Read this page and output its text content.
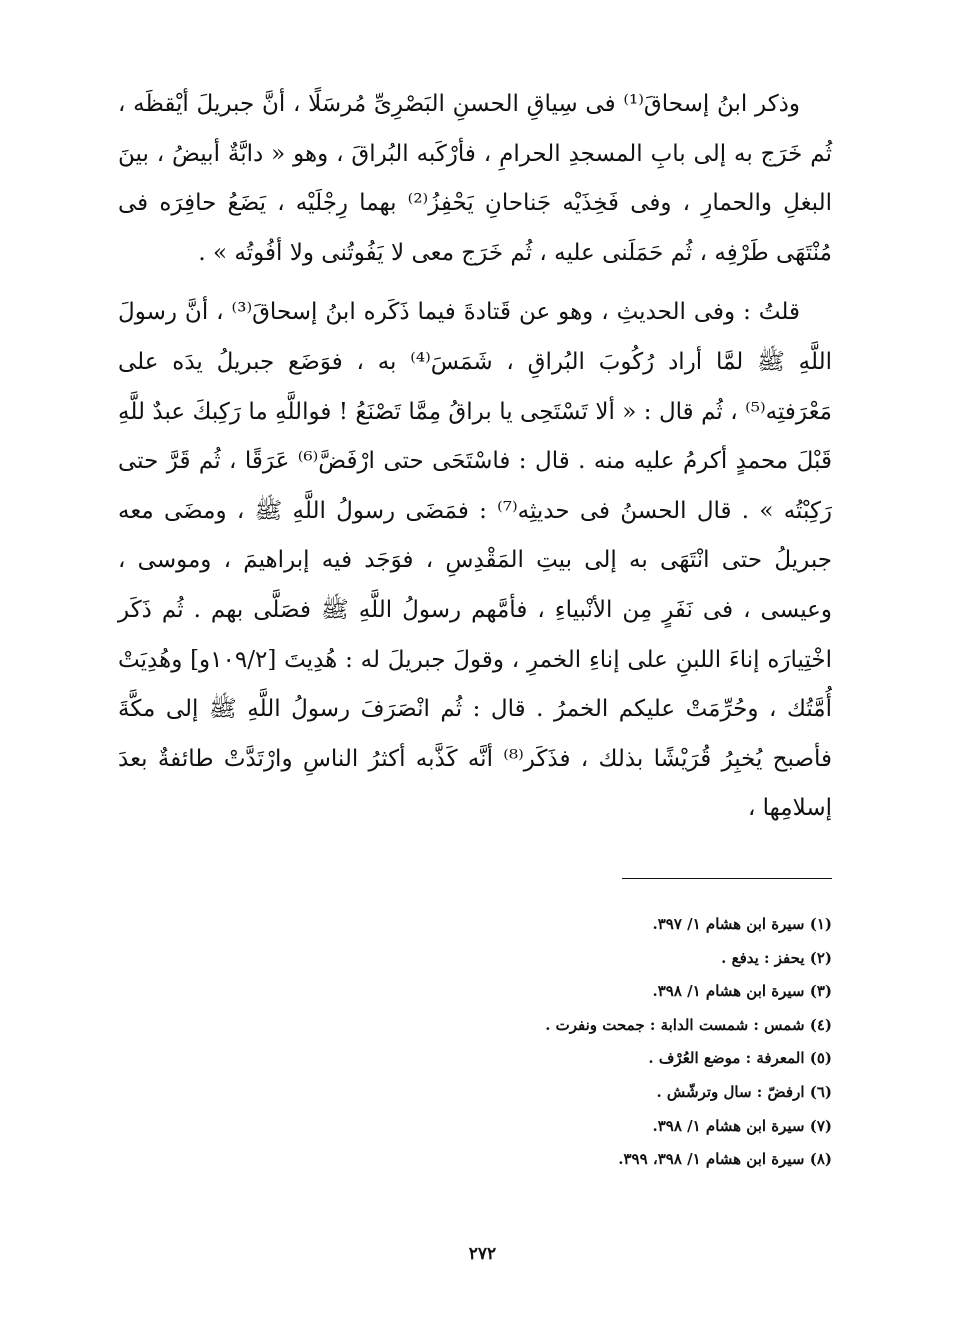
وذكر ابنُ إسحاقَ⁽¹⁾ فى سِياقِ الحسنِ البَصْرِىِّ مُرسَلًا ، أنَّ جبريلَ أيْقظَه ، ثُم خَرَج به إلى بابِ المسجدِ الحرامِ ، فأرْكَبه البُراقَ ، وهو « دابَّةٌ أبيضُ ، بينَ البغلِ والحمارِ ، وفى فَخِذَيْه جَناحانِ يَحْفِزُ⁽²⁾ بهما رِجْلَيْه ، يَضَعُ حافِرَه فى مُنْتَهَى طَرْفِه ، ثُم حَمَلَنى عليه ، ثُم خَرَج معى لا يَفُوتُنى ولا أفُوتُه » .

قلتُ : وفى الحديثِ ، وهو عن قَتادةَ فيما ذَكَره ابنُ إسحاقَ⁽³⁾ ، أنَّ رسولَ اللَّهِ ﷺ لمَّا أراد رُكُوبَ البُراقِ ، شَمَسَ⁽⁴⁾ به ، فوَضَع جبريلُ يدَه على مَعْرَفتِه⁽⁵⁾ ، ثُم قال : « ألا تَسْتَحِى يا براقُ مِمَّا تَصْنَعُ ! فواللَّهِ ما رَكِبكَ عبدٌ للَّهِ قَبْلَ محمدٍ أكرمُ عليه منه . قال : فاسْتَحَى حتى ارْفَضَّ⁽⁶⁾ عَرَقًا ، ثُم قَرَّ حتى رَكِبْتُه » . قال الحسنُ فى حديثِه⁽⁷⁾ : فمَضَى رسولُ اللَّهِ ﷺ ، ومضَى معه جبريلُ حتى انْتَهَى به إلى بيتِ المَقْدِسِ ، فوَجَد فيه إبراهيمَ ، وموسى ، وعيسى ، فى نَفَرٍ مِن الأنْبياءِ ، فأمَّهم رسولُ اللَّهِ ﷺ فصَلَّى بهم . ثُم ذَكَر اخْتِيارَه إناءَ اللبنِ على إناءِ الخمرِ ، وقولَ جبريلَ له : هُدِيتَ [١٠٩/٢و] وهُدِيَتْ أُمَّتُك ، وحُرِّمَتْ عليكم الخمرُ . قال : ثُم انْصَرَفَ رسولُ اللَّهِ ﷺ إلى مكَّةَ فأصبح يُخبِرُ قُرَيْشًا بذلك ، فذَكَر⁽⁸⁾ أنَّه كَذَّبه أكثرُ الناسِ وارْتَدَّتْ طائفةٌ بعدَ إسلامِها ،

(١) سيرة ابن هشام ١/ ٣٩٧.
(٢) يحفز : يدفع .
(٣) سيرة ابن هشام ١/ ٣٩٨.
(٤) شمس : شمست الدابة : جمحت ونفرت .
(٥) المعرفة : موضع العُرْف .
(٦) ارفضّ : سال وترشّش .
(٧) سيرة ابن هشام ١/ ٣٩٨.
(٨) سيرة ابن هشام ١/ ٣٩٨، ٣٩٩.
٢٧٢
